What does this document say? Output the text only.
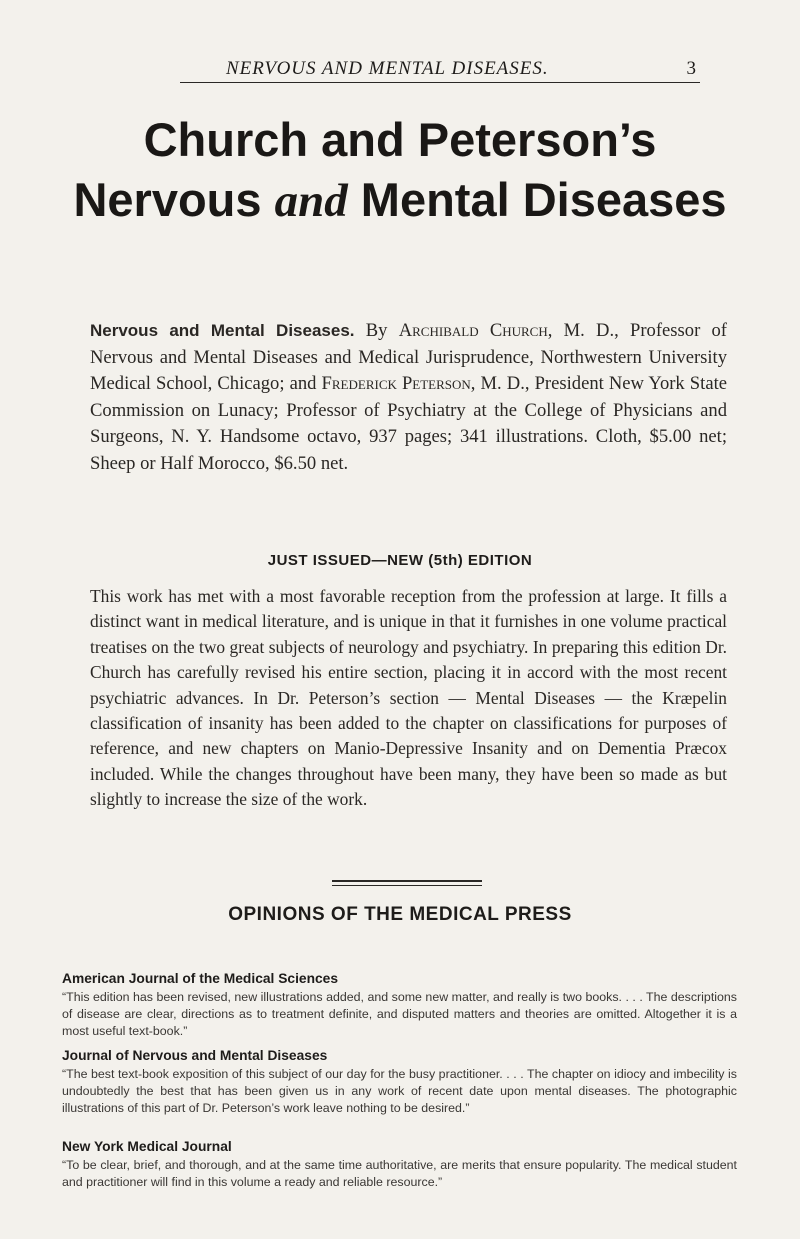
NERVOUS AND MENTAL DISEASES.	3
Church and Peterson’s
Nervous and Mental Diseases
Nervous and Mental Diseases. By Archibald Church, M. D., Professor of Nervous and Mental Diseases and Medical Jurisprudence, Northwestern University Medical School, Chicago; and Frederick Peterson, M. D., President New York State Commission on Lunacy; Professor of Psychiatry at the College of Physicians and Surgeons, N. Y. Handsome octavo, 937 pages; 341 illustrations. Cloth, $5.00 net; Sheep or Half Morocco, $6.50 net.
JUST ISSUED—NEW (5th) EDITION
This work has met with a most favorable reception from the profession at large. It fills a distinct want in medical literature, and is unique in that it furnishes in one volume practical treatises on the two great subjects of neurology and psychiatry. In preparing this edition Dr. Church has carefully revised his entire section, placing it in accord with the most recent psychiatric advances. In Dr. Peterson’s section — Mental Diseases — the Kræpelin classification of insanity has been added to the chapter on classifications for purposes of reference, and new chapters on Manio-Depressive Insanity and on Dementia Præcox included. While the changes throughout have been many, they have been so made as but slightly to increase the size of the work.
OPINIONS OF THE MEDICAL PRESS
American Journal of the Medical Sciences
“This edition has been revised, new illustrations added, and some new matter, and really is two books. . . . The descriptions of disease are clear, directions as to treatment definite, and disputed matters and theories are omitted. Altogether it is a most useful text-book.”
Journal of Nervous and Mental Diseases
“The best text-book exposition of this subject of our day for the busy practitioner. . . . The chapter on idiocy and imbecility is undoubtedly the best that has been given us in any work of recent date upon mental diseases. The photographic illustrations of this part of Dr. Peterson’s work leave nothing to be desired.”
New York Medical Journal
“To be clear, brief, and thorough, and at the same time authoritative, are merits that ensure popularity. The medical student and practitioner will find in this volume a ready and reliable resource.”
